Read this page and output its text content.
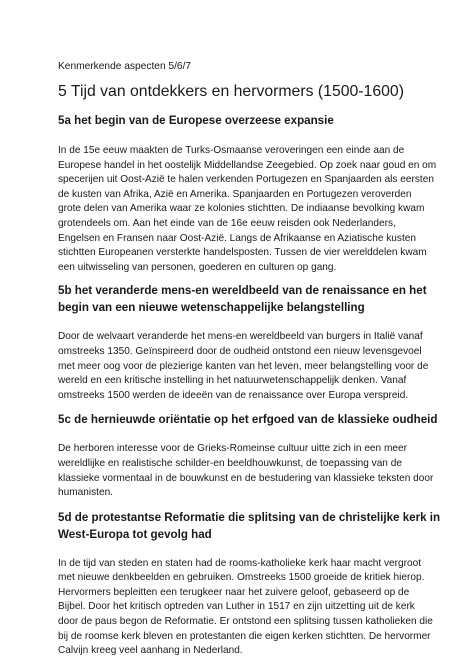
Kenmerkende aspecten 5/6/7

5 Tijd van ontdekkers en hervormers (1500-1600)
5a het begin van de Europese overzeese expansie

In de 15e eeuw maakten de Turks-Osmaanse veroveringen een einde aan de
Europese handel in het oostelijk Middellandse Zeegebied. Op zoek naar goud en om
specerijen uit Oost-Azië te halen verkenden Portugezen en Spanjaarden als eersten
de kusten van Afrika, Azië en Amerika. Spanjaarden en Portugezen veroverden
grote delen van Amerika waar ze kolonies stichtten. De indiaanse bevolking kwam
grotendeels om. Aan het einde van de 16e eeuw reisden ook Nederlanders,
Engelsen en Fransen naar Oost-Azië. Langs de Afrikaanse en Aziatische kusten
stichtten Europeanen versterkte handelsposten. Tussen de vier werelddelen kwam
een uitwisseling van personen, goederen en culturen op gang.

5b het veranderde mens-en wereldbeeld van de renaissance en het
begin van een nieuwe wetenschappelijke belangstelling

Door de welvaart veranderde het mens-en wereldbeeld van burgers in Italië vanaf
omstreeks 1350. Geïnspireerd door de oudheid ontstond een nieuw levensgevoel
met meer oog voor de plezierige kanten van het leven, meer belangstelling voor de
wereld en een kritische instelling in het natuurwetenschappelijk denken. Vanaf
omstreeks 1500 werden de ideeën van de renaissance over Europa verspreid.

5c de hernieuwde oriëntatie op het erfgoed van de klassieke oudheid

De herboren interesse voor de Grieks-Romeinse cultuur uitte zich in een meer
wereldlijke en realistische schilder-en beeldhouwkunst, de toepassing van de
klassieke vormentaal in de bouwkunst en de bestudering van klassieke teksten door
humanisten.

5d de protestantse Reformatie die splitsing van de christelijke kerk in
West-Europa tot gevolg had

In de tijd van steden en staten had de rooms-katholieke kerk haar macht vergroot
met nieuwe denkbeelden en gebruiken. Omstreeks 1500 groeide de kritiek hierop.
Hervormers bepleitten een terugkeer naar het zuivere geloof, gebaseerd op de
Bijbel. Door het kritisch optreden van Luther in 1517 en zijn uitzetting uit de kerk
door de paus begon de Reformatie. Er ontstond een splitsing tussen katholieken die
bij de roomse kerk bleven en protestanten die eigen kerken stichtten. De hervormer
Calvijn kreeg veel aanhang in Nederland.
